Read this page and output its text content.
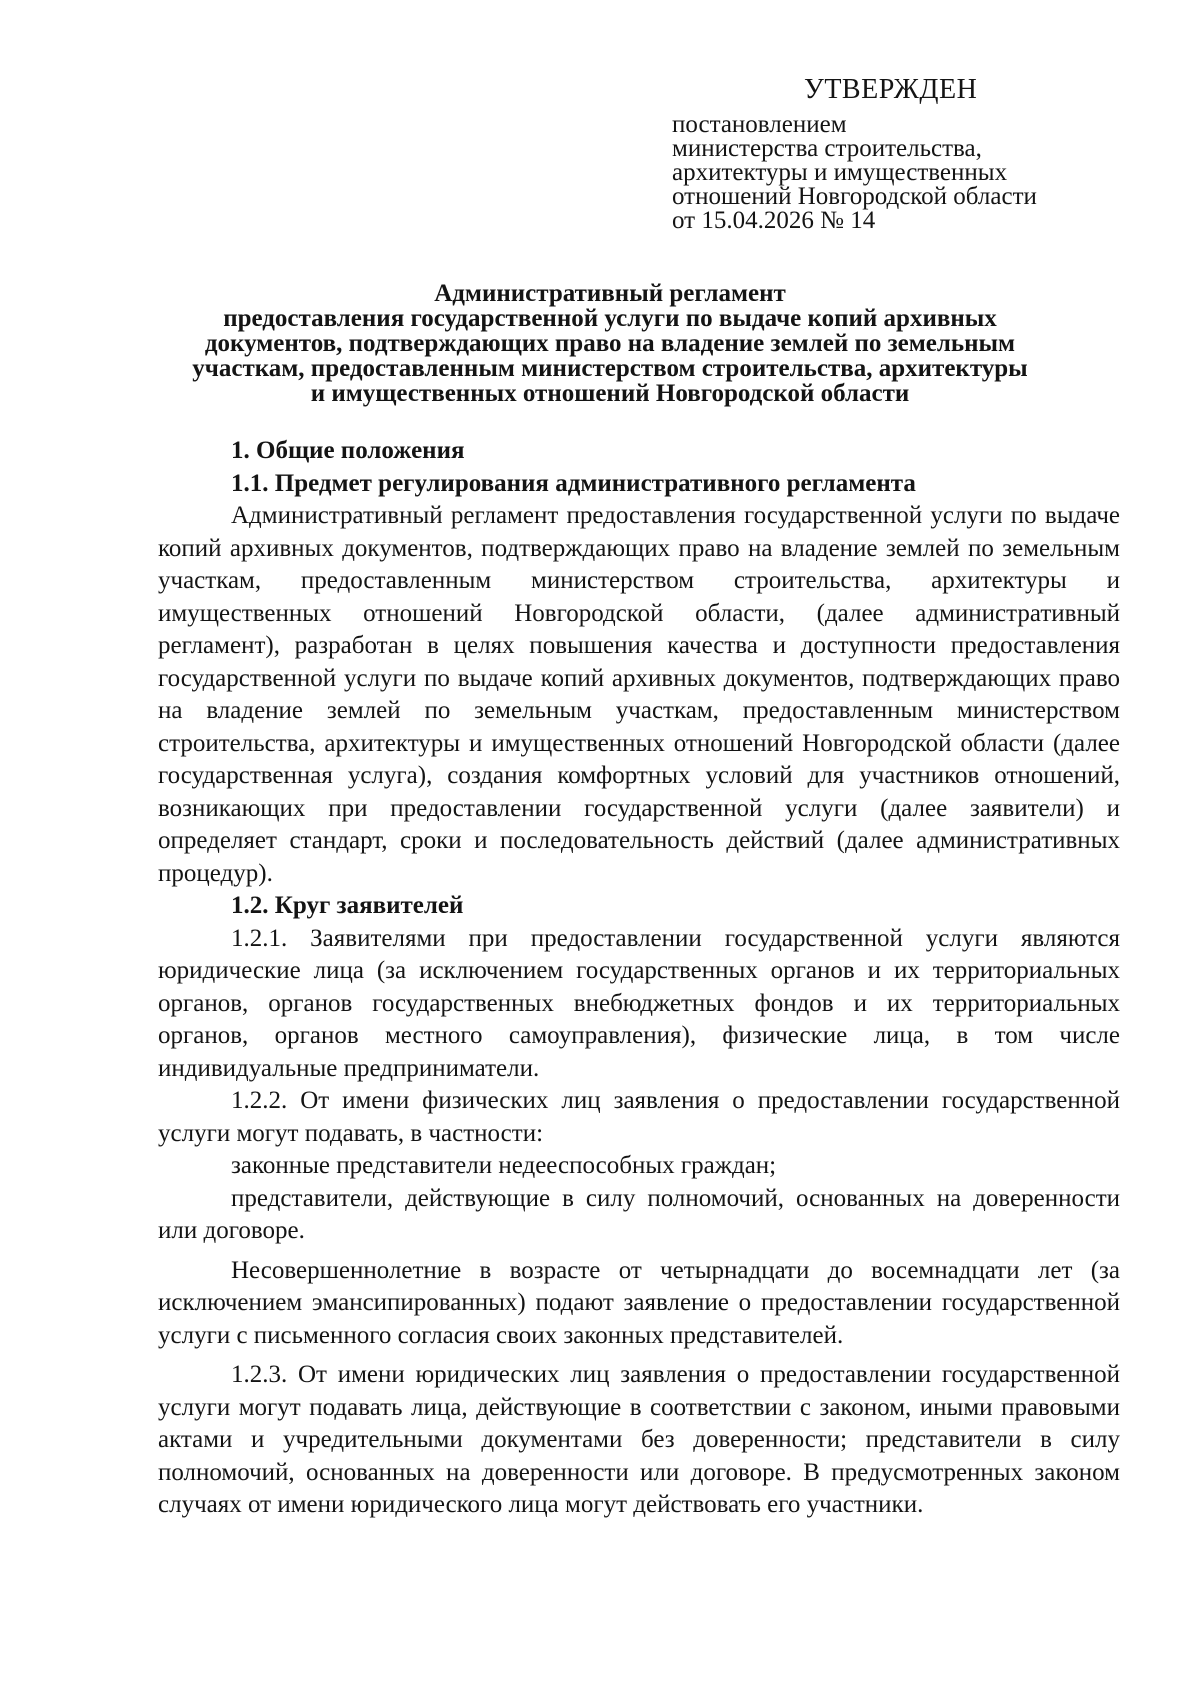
УТВЕРЖДЕН
постановлением
министерства строительства,
архитектуры и имущественных
отношений Новгородской области
от 15.04.2026 № 14
Административный регламент
предоставления государственной услуги по выдаче копий архивных
документов, подтверждающих право на владение землей по земельным
участкам, предоставленным министерством строительства, архитектуры
и имущественных отношений Новгородской области
1. Общие положения
1.1. Предмет регулирования административного регламента

Административный регламент предоставления государственной услуги по выдаче копий архивных документов, подтверждающих право на владение землей по земельным участкам, предоставленным министерством строительства, архитектуры и имущественных отношений Новгородской области, (далее административный регламент), разработан в целях повышения качества и доступности предоставления государственной услуги по выдаче копий архивных документов, подтверждающих право на владение землей по земельным участкам, предоставленным министерством строительства, архитектуры и имущественных отношений Новгородской области (далее государственная услуга), создания комфортных условий для участников отношений, возникающих при предоставлении государственной услуги (далее заявители) и определяет стандарт, сроки и последовательность действий (далее административных процедур).

1.2. Круг заявителей

1.2.1. Заявителями при предоставлении государственной услуги являются юридические лица (за исключением государственных органов и их территориальных органов, органов государственных внебюджетных фондов и их территориальных органов, органов местного самоуправления), физические лица, в том числе индивидуальные предприниматели.

1.2.2. От имени физических лиц заявления о предоставлении государственной услуги могут подавать, в частности:

законные представители недееспособных граждан;

представители, действующие в силу полномочий, основанных на доверенности или договоре.

Несовершеннолетние в возрасте от четырнадцати до восемнадцати лет (за исключением эмансипированных) подают заявление о предоставлении государственной услуги с письменного согласия своих законных представителей.

1.2.3. От имени юридических лиц заявления о предоставлении государственной услуги могут подавать лица, действующие в соответствии с законом, иными правовыми актами и учредительными документами без доверенности; представители в силу полномочий, основанных на доверенности или договоре. В предусмотренных законом случаях от имени юридического лица могут действовать его участники.
